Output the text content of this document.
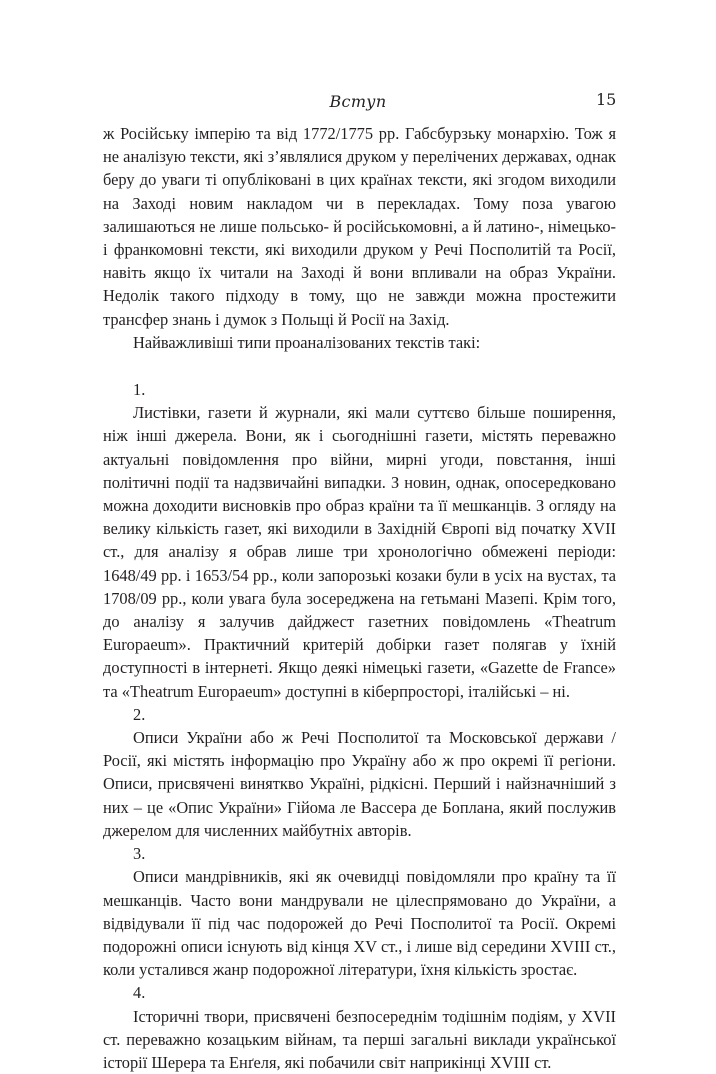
Вступ	15

ж Російську імперію та від 1772/1775 рр. Габсбурзьку монархію. Тож я не аналізую тексти, які з’являлися друком у перелічених державах, однак беру до уваги ті опубліковані в цих країнах тексти, які згодом виходили на Заході новим накладом чи в перекладах. Тому поза увагою залишаються не лише польсько- й російськомовні, а й латино-, німецько- і франкомовні тексти, які виходили друком у Речі Посполитій та Росії, навіть якщо їх читали на Заході й вони впливали на образ України. Недолік такого підходу в тому, що не завжди можна простежити трансфер знань і думок з Польщі й Росії на Захід.

Найважливіші типи проаналізованих текстів такі:

1.

Листівки, газети й журнали, які мали суттєво більше поширення, ніж інші джерела. Вони, як і сьогоднішні газети, містять переважно актуальні повідомлення про війни, мирні угоди, повстання, інші політичні події та надзвичайні випадки. З новин, однак, опосередковано можна доходити висновків про образ країни та її мешканців. З огляду на велику кількість газет, які виходили в Західній Європі від початку XVII ст., для аналізу я обрав лише три хронологічно обмежені періоди: 1648/49 рр. і 1653/54 рр., коли запорозькі козаки були в усіх на вустах, та 1708/09 рр., коли увага була зосереджена на гетьмані Мазепі. Крім того, до аналізу я залучив дайджест газетних повідомлень «Theatrum Europaeum». Практичний критерій добірки газет полягав у їхній доступності в інтернеті. Якщо деякі німецькі газети, «Gazette de France» та «Theatrum Europaeum» доступні в кіберпросторі, італійські – ні.

2.

Описи України або ж Речі Посполитої та Московської держави / Росії, які містять інформацію про Україну або ж про окремі її регіони. Описи, присвячені виняткво Україні, рідкісні. Перший і найзначніший з них – це «Опис України» Гійома ле Вассера де Боплана, який послужив джерелом для численних майбутніх авторів.

3.

Описи мандрівників, які як очевидці повідомляли про країну та її мешканців. Часто вони мандрували не цілеспрямовано до України, а відвідували її під час подорожей до Речі Посполитої та Росії. Окремі подорожні описи існують від кінця XV ст., і лише від середини XVIII ст., коли усталився жанр подорожної літератури, їхня кількість зростає.

4.

Історичні твори, присвячені безпосереднім тодішнім подіям, у XVII ст. переважно козацьким війнам, та перші загальні виклади української історії Шерера та Енґеля, які побачили світ наприкінці XVIII ст.
